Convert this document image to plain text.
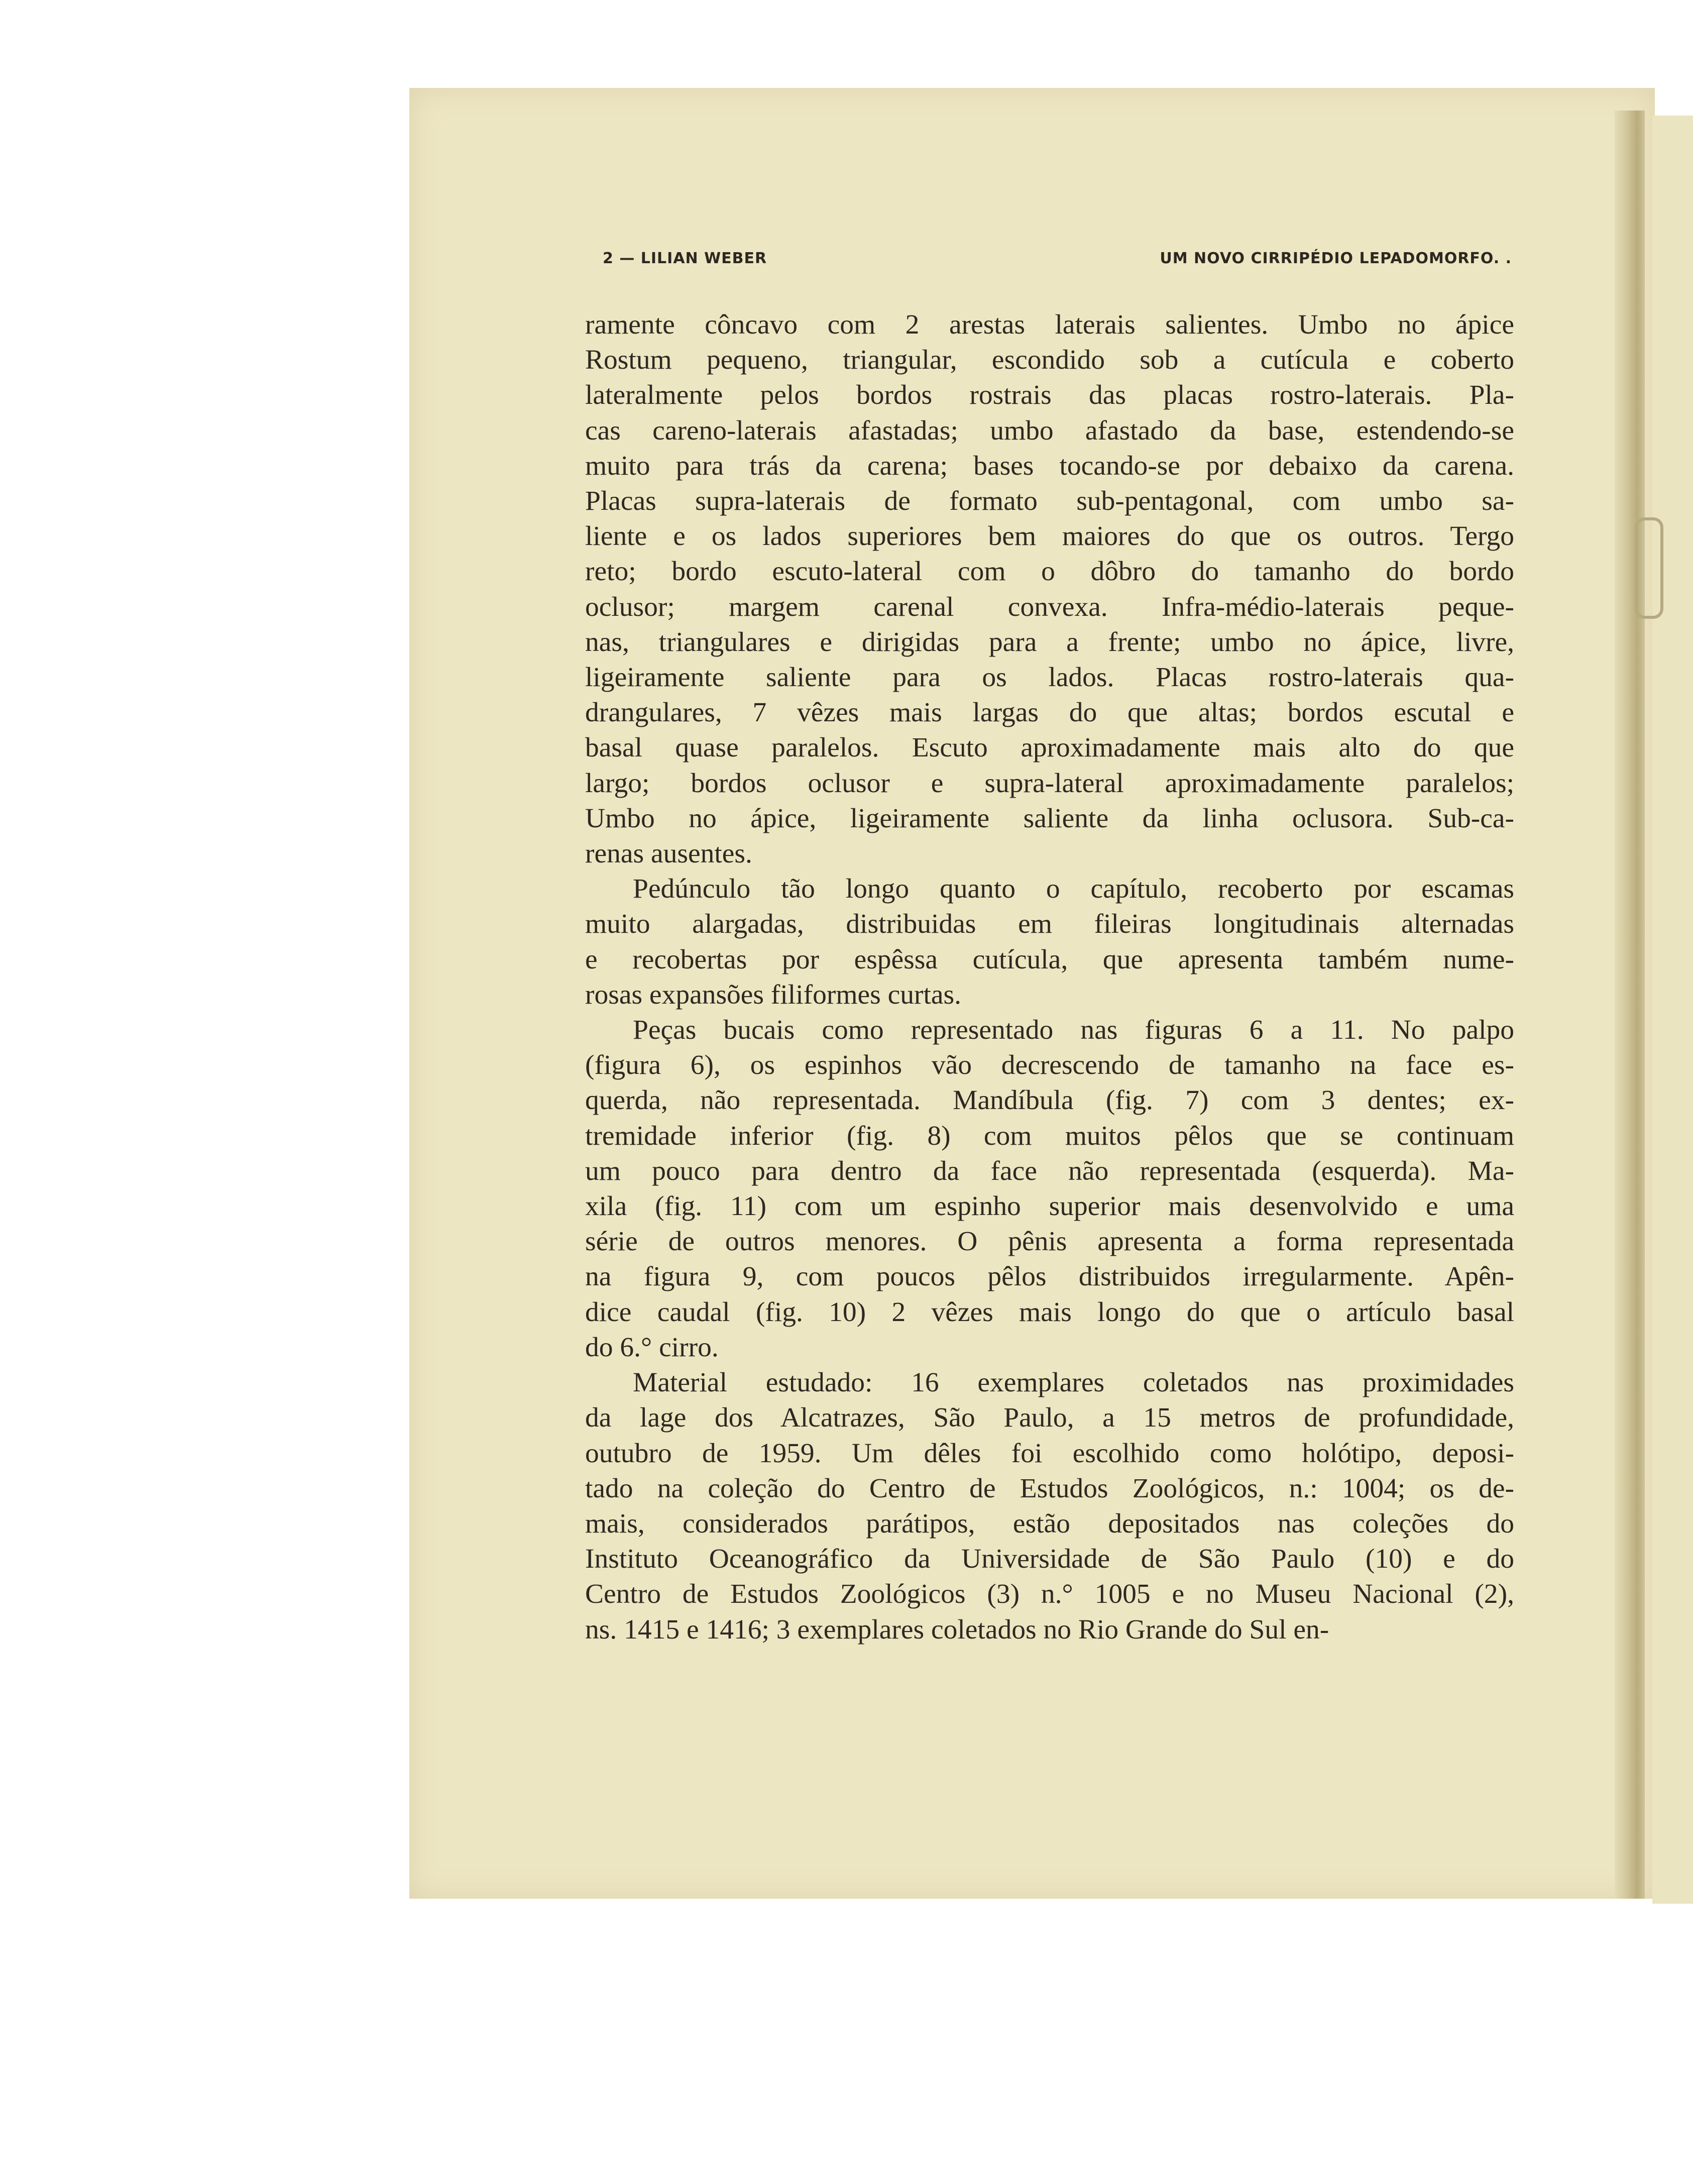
2 — LILIAN WEBER	UM NOVO CIRRIPÉDIO LEPADOMORFO. .

ramente côncavo com 2 arestas laterais salientes. Umbo no ápice
Rostum pequeno, triangular, escondido sob a cutícula e coberto
lateralmente pelos bordos rostrais das placas rostro-laterais. Pla-
cas careno-laterais afastadas; umbo afastado da base, estendendo-se
muito para trás da carena; bases tocando-se por debaixo da carena.
Placas supra-laterais de formato sub-pentagonal, com umbo sa-
liente e os lados superiores bem maiores do que os outros. Tergo
reto; bordo escuto-lateral com o dôbro do tamanho do bordo
oclusor; margem carenal convexa. Infra-médio-laterais peque-
nas, triangulares e dirigidas para a frente; umbo no ápice, livre,
ligeiramente saliente para os lados. Placas rostro-laterais qua-
drangulares, 7 vêzes mais largas do que altas; bordos escutal e
basal quase paralelos. Escuto aproximadamente mais alto do que
largo; bordos oclusor e supra-lateral aproximadamente paralelos;
Umbo no ápice, ligeiramente saliente da linha oclusora. Sub-ca-
renas ausentes.

Pedúnculo tão longo quanto o capítulo, recoberto por escamas
muito alargadas, distribuidas em fileiras longitudinais alternadas
e recobertas por espêssa cutícula, que apresenta também nume-
rosas expansões filiformes curtas.

Peças bucais como representado nas figuras 6 a 11. No palpo
(figura 6), os espinhos vão decrescendo de tamanho na face es-
querda, não representada. Mandíbula (fig. 7) com 3 dentes; ex-
tremidade inferior (fig. 8) com muitos pêlos que se continuam
um pouco para dentro da face não representada (esquerda). Ma-
xila (fig. 11) com um espinho superior mais desenvolvido e uma
série de outros menores. O pênis apresenta a forma representada
na figura 9, com poucos pêlos distribuidos irregularmente. Apên-
dice caudal (fig. 10) 2 vêzes mais longo do que o artículo basal
do 6.° cirro.

Material estudado: 16 exemplares coletados nas proximidades
da lage dos Alcatrazes, São Paulo, a 15 metros de profundidade,
outubro de 1959. Um dêles foi escolhido como holótipo, deposi-
tado na coleção do Centro de Estudos Zoológicos, n.: 1004; os de-
mais, considerados parátipos, estão depositados nas coleções do
Instituto Oceanográfico da Universidade de São Paulo (10) e do
Centro de Estudos Zoológicos (3) n.° 1005 e no Museu Nacional (2),
ns. 1415 e 1416; 3 exemplares coletados no Rio Grande do Sul en-
